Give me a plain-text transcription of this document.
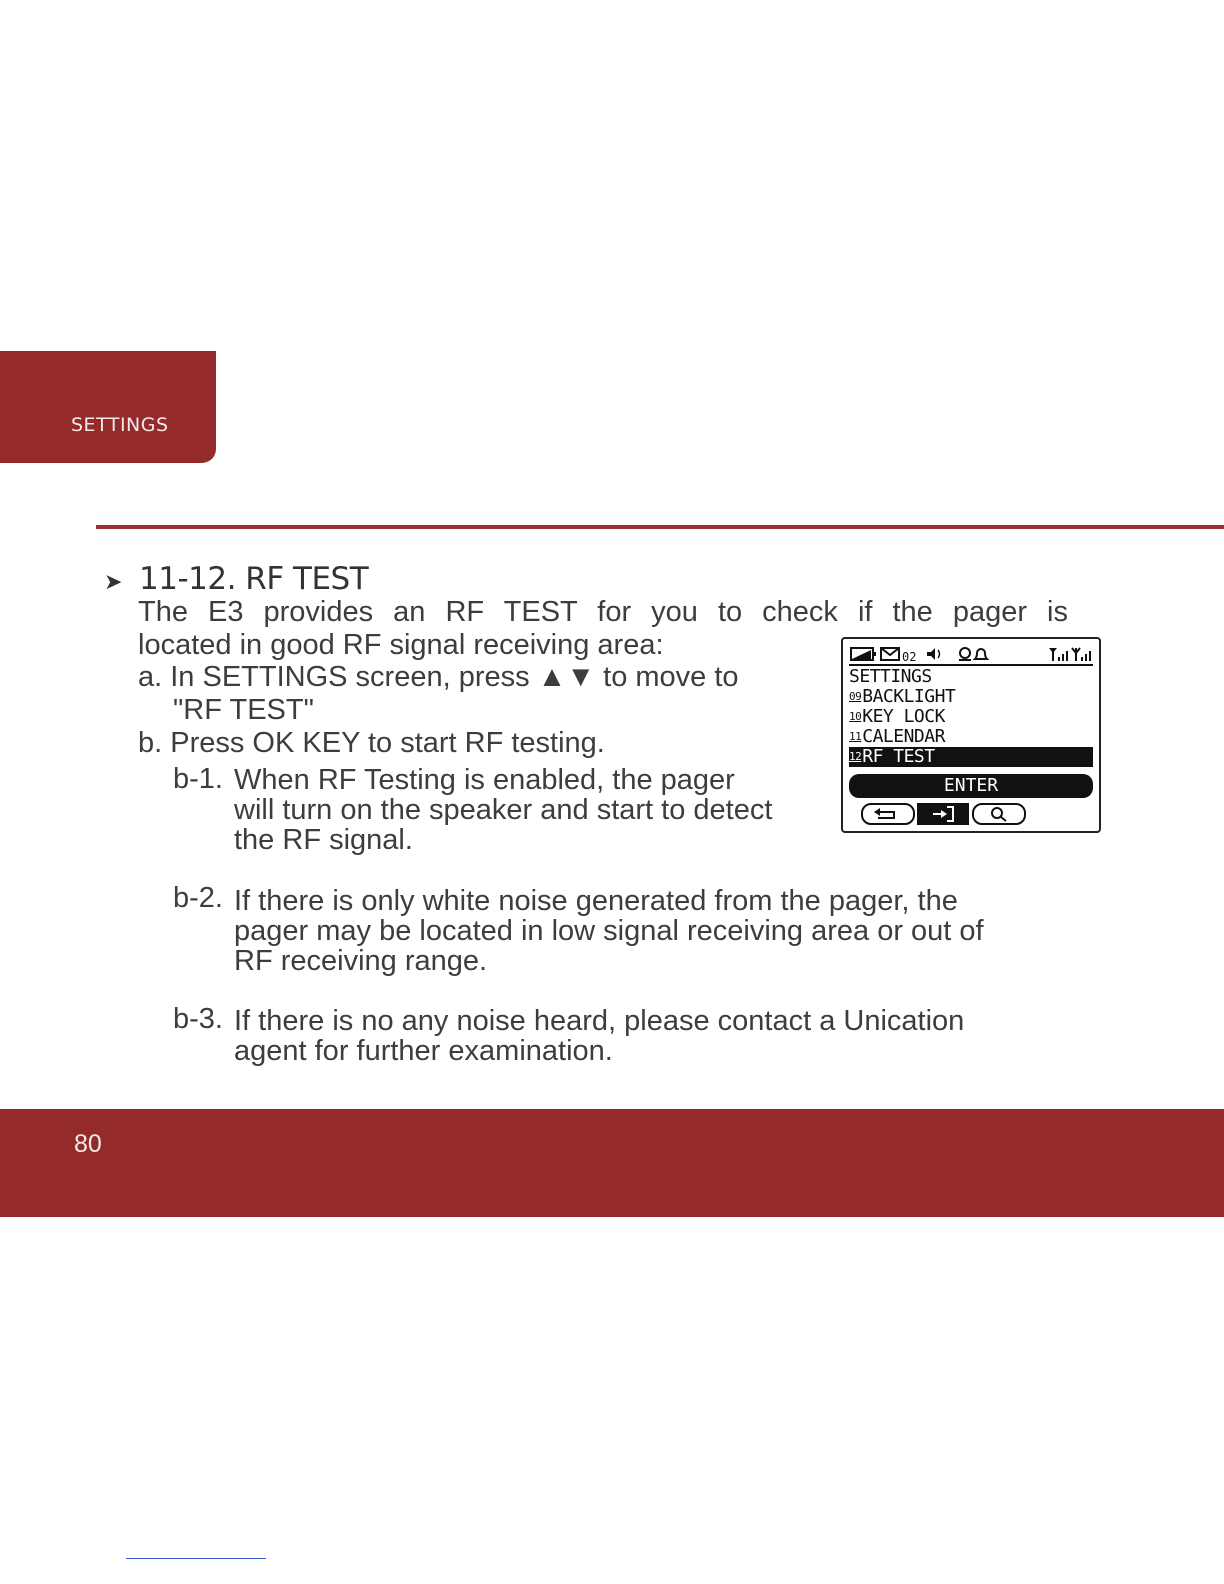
SETTINGS
➤ 11-12. RF TEST
The E3 provides an RF TEST for you to check if the pager is
located in good RF signal receiving area:
a. In SETTINGS screen, press ▲▼ to move to
"RF TEST"
b. Press OK KEY to start RF testing.
b-1. When RF Testing is enabled, the pager
will turn on the speaker and start to detect
the RF signal.
b-2. If there is only white noise generated from the pager, the
pager may be located in low signal receiving area or out of
RF receiving range.
b-3. If there is no any noise heard, please contact a Unication
agent for further examination.
02
SETTINGS
$^{09}$BACKLIGHT
$^{10}$KEY LOCK
$^{11}$CALENDAR
$^{12}$RF TEST
ENTER
80
